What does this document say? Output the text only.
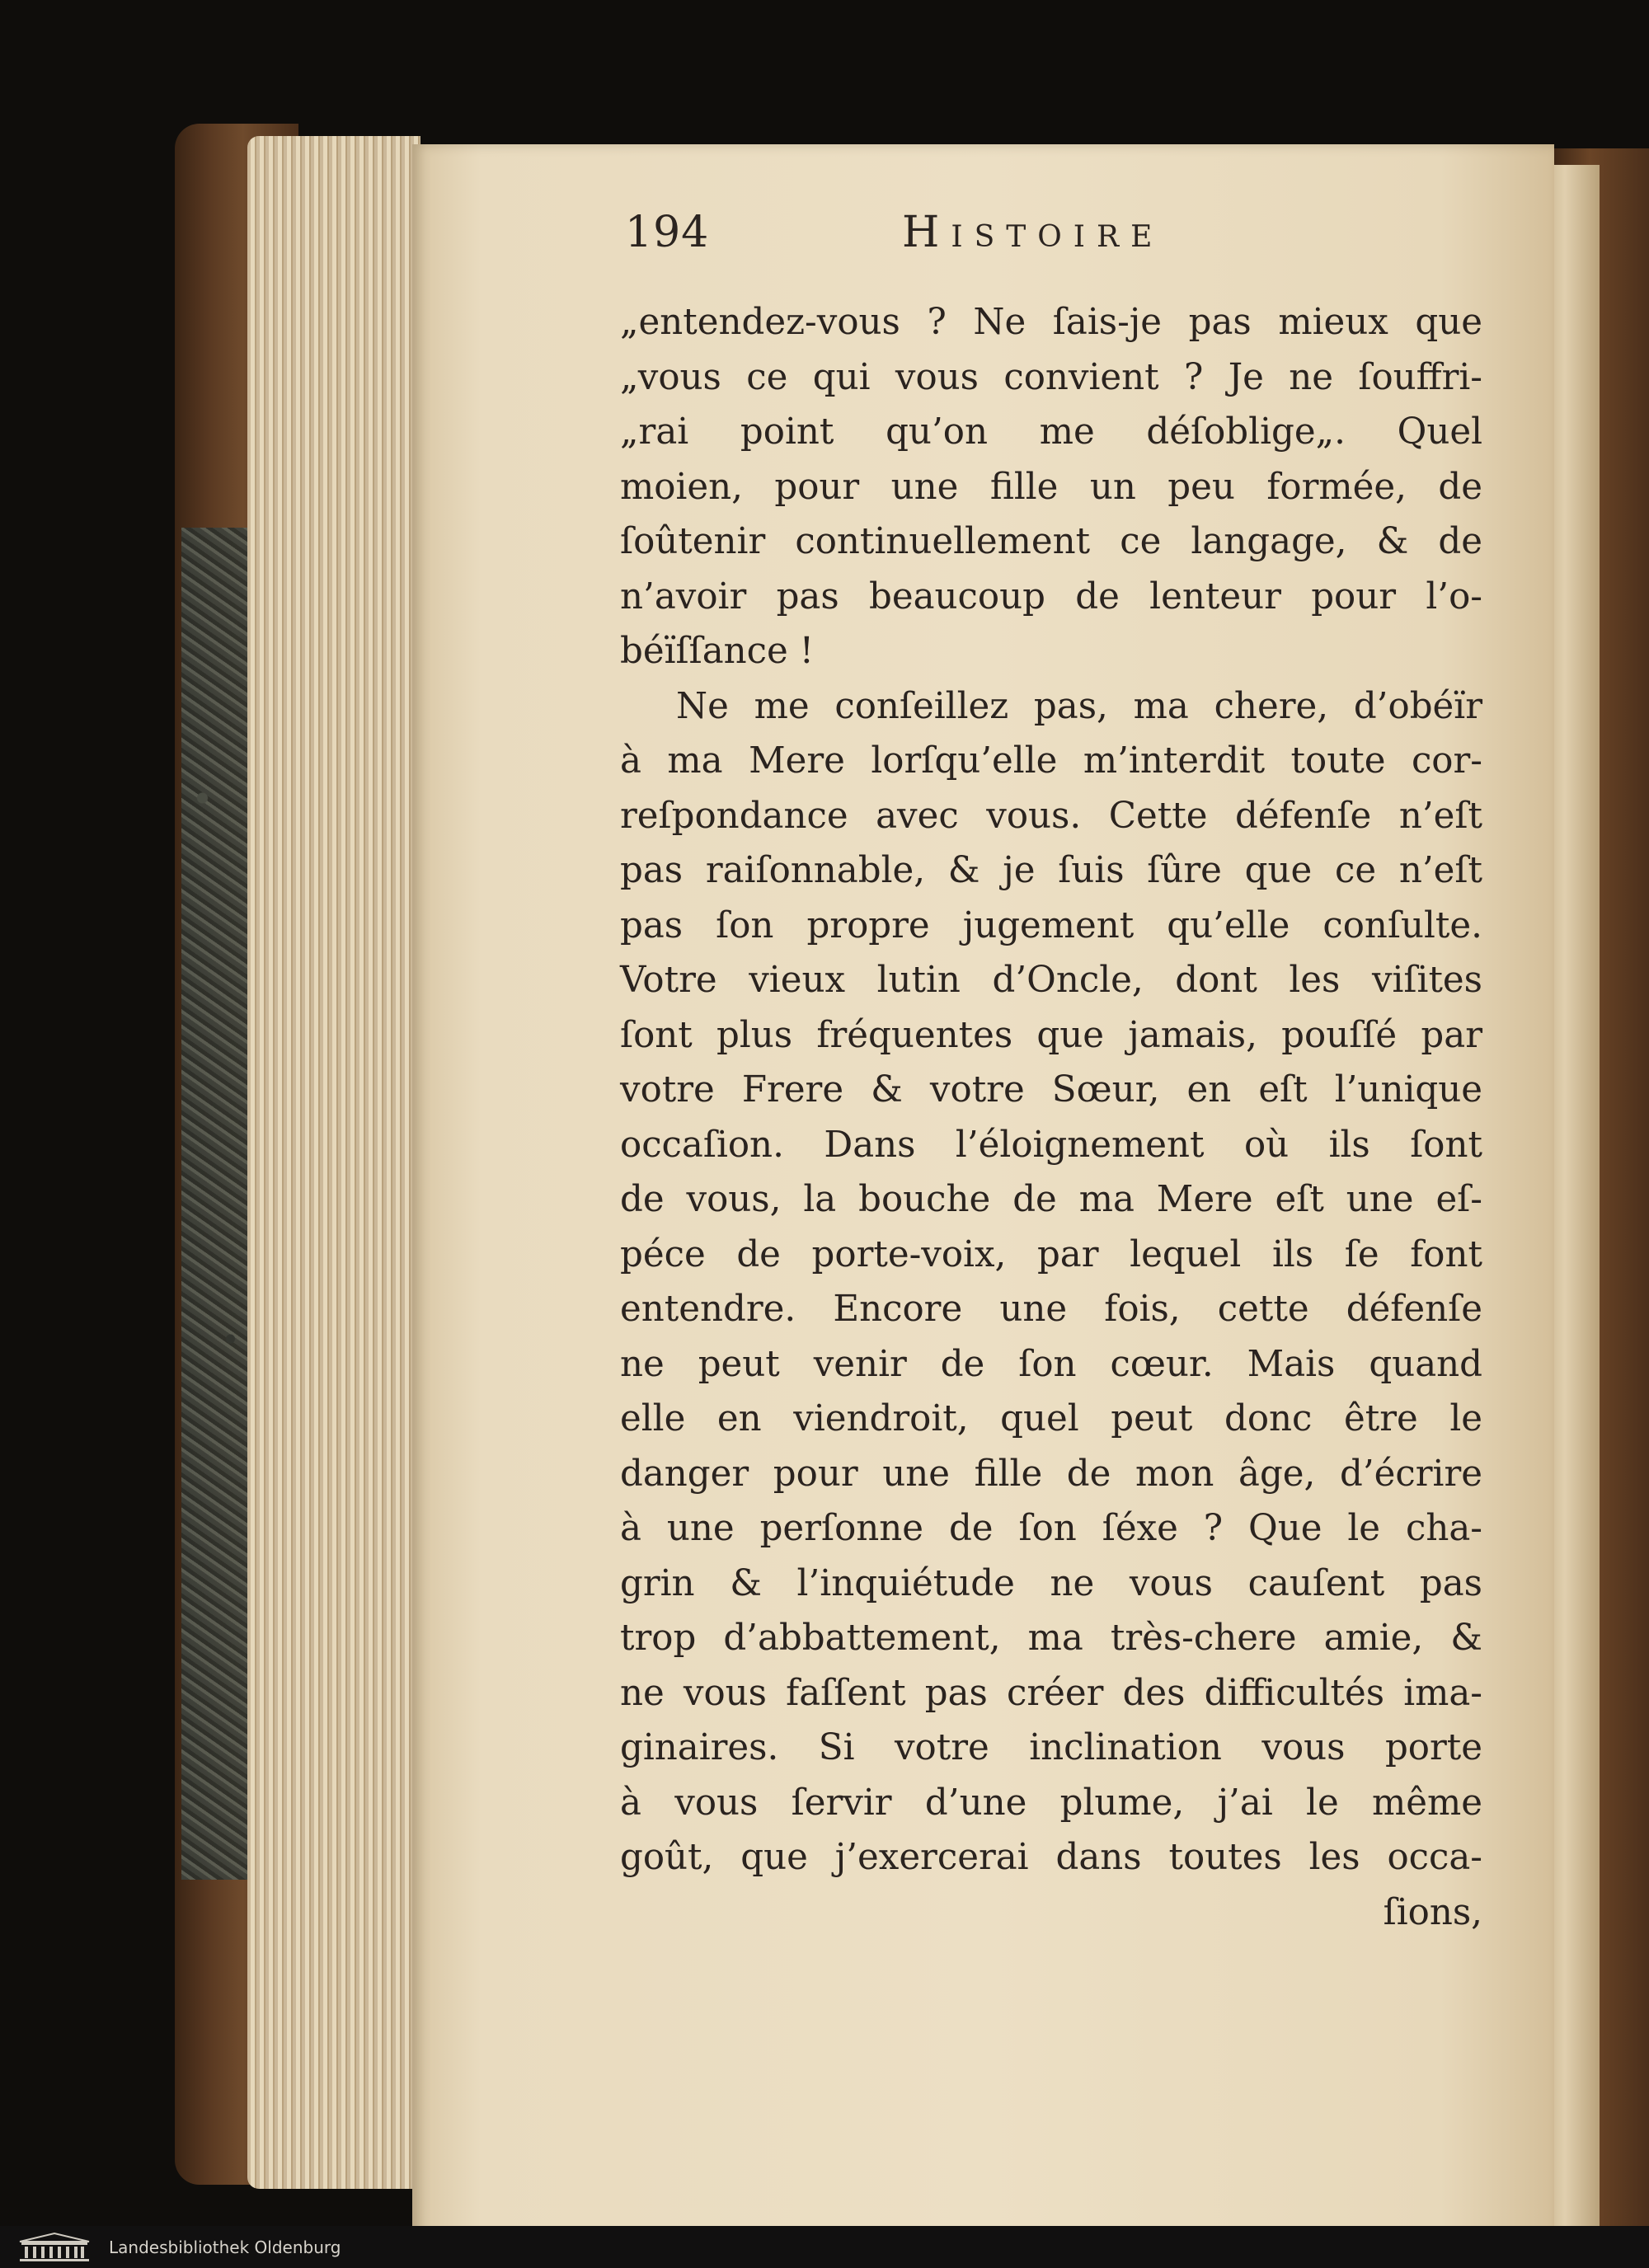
194	Histoire
„entendez-vous ? Ne ſais-je pas mieux que
„vous ce qui vous convient ? Je ne ſouffri-
„rai point qu’on me déſoblige„. Quel
moien, pour une fille un peu formée, de
ſoûtenir continuellement ce langage, & de
n’avoir pas beaucoup de lenteur pour l’o-
béïſſance !
Ne me conſeillez pas, ma chere, d’obéïr
à ma Mere lorſqu’elle m’interdit toute cor-
reſpondance avec vous. Cette défenſe n’eſt
pas raiſonnable, & je ſuis ſûre que ce n’eſt
pas ſon propre jugement qu’elle conſulte.
Votre vieux lutin d’Oncle, dont les viſites
ſont plus fréquentes que jamais, pouſſé par
votre Frere & votre Sœur, en eſt l’unique
occaſion. Dans l’éloignement où ils ſont
de vous, la bouche de ma Mere eſt une eſ-
péce de porte-voix, par lequel ils ſe font
entendre. Encore une fois, cette défenſe
ne peut venir de ſon cœur. Mais quand
elle en viendroit, quel peut donc être le
danger pour une fille de mon âge, d’écrire
à une perſonne de ſon ſéxe ? Que le cha-
grin & l’inquiétude ne vous cauſent pas
trop d’abbattement, ma très-chere amie, &
ne vous faſſent pas créer des difficultés ima-
ginaires. Si votre inclination vous porte
à vous ſervir d’une plume, j’ai le même
goût, que j’exercerai dans toutes les occa-
ſions,
Landesbibliothek Oldenburg
